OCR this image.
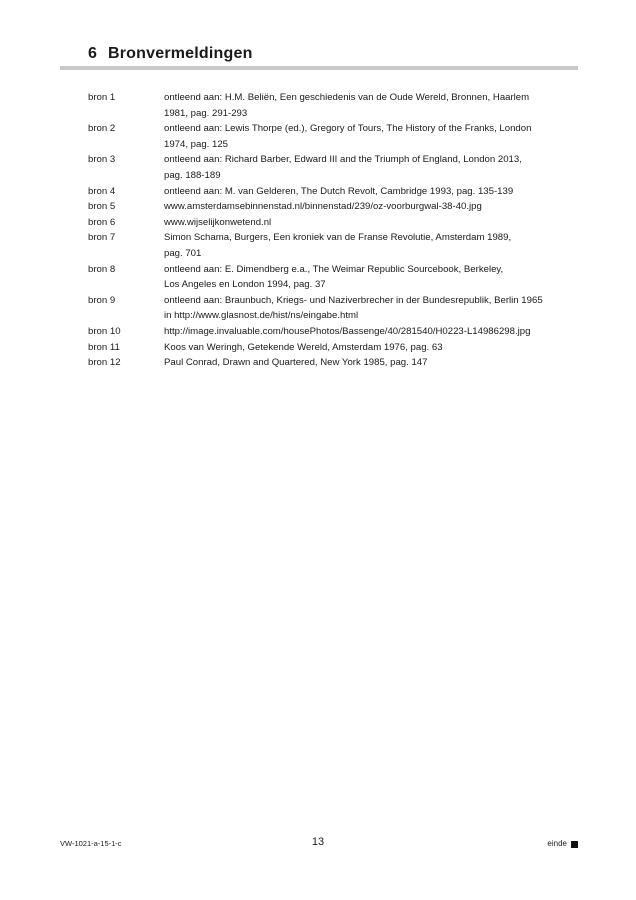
6 Bronvermeldingen
bron 1	ontleend aan: H.M. Beliën, Een geschiedenis van de Oude Wereld, Bronnen, Haarlem
1981, pag. 291-293
bron 2	ontleend aan: Lewis Thorpe (ed.), Gregory of Tours, The History of the Franks, London
1974, pag. 125
bron 3	ontleend aan: Richard Barber, Edward III and the Triumph of England, London 2013,
pag. 188-189
bron 4	ontleend aan: M. van Gelderen, The Dutch Revolt, Cambridge 1993, pag. 135-139
bron 5	www.amsterdamsebinnenstad.nl/binnenstad/239/oz-voorburgwal-38-40.jpg
bron 6	www.wijselijkonwetend.nl
bron 7	Simon Schama, Burgers, Een kroniek van de Franse Revolutie, Amsterdam 1989,
pag. 701
bron 8	ontleend aan: E. Dimendberg e.a., The Weimar Republic Sourcebook, Berkeley,
Los Angeles en London 1994, pag. 37
bron 9	ontleend aan: Braunbuch, Kriegs- und Naziverbrecher in der Bundesrepublik, Berlin 1965
in http://www.glasnost.de/hist/ns/eingabe.html
bron 10	http://image.invaluable.com/housePhotos/Bassenge/40/281540/H0223-L14986298.jpg
bron 11	Koos van Weringh, Getekende Wereld, Amsterdam 1976, pag. 63
bron 12	Paul Conrad, Drawn and Quartered, New York 1985, pag. 147
VW-1021-a-15-1-c	13	einde
